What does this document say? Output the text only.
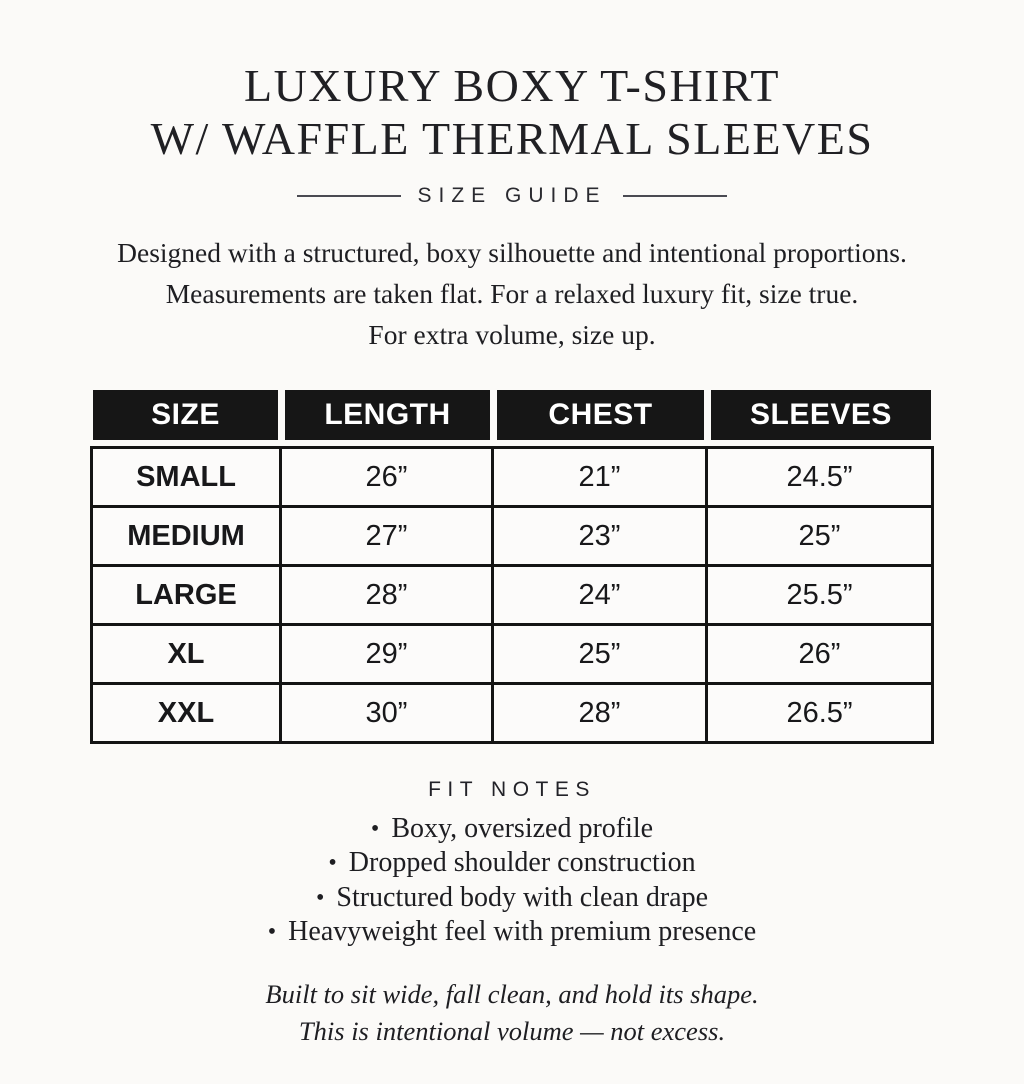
LUXURY BOXY T-SHIRT
W/ WAFFLE THERMAL SLEEVES
SIZE GUIDE
Designed with a structured, boxy silhouette and intentional proportions.
Measurements are taken flat. For a relaxed luxury fit, size true.
For extra volume, size up.
SIZE	LENGTH	CHEST	SLEEVES
SMALL	26”	21”	24.5”
MEDIUM	27”	23”	25”
LARGE	28”	24”	25.5”
XL	29”	25”	26”
XXL	30”	28”	26.5”
FIT NOTES
• Boxy, oversized profile
• Dropped shoulder construction
• Structured body with clean drape
• Heavyweight feel with premium presence
Built to sit wide, fall clean, and hold its shape.
This is intentional volume — not excess.
